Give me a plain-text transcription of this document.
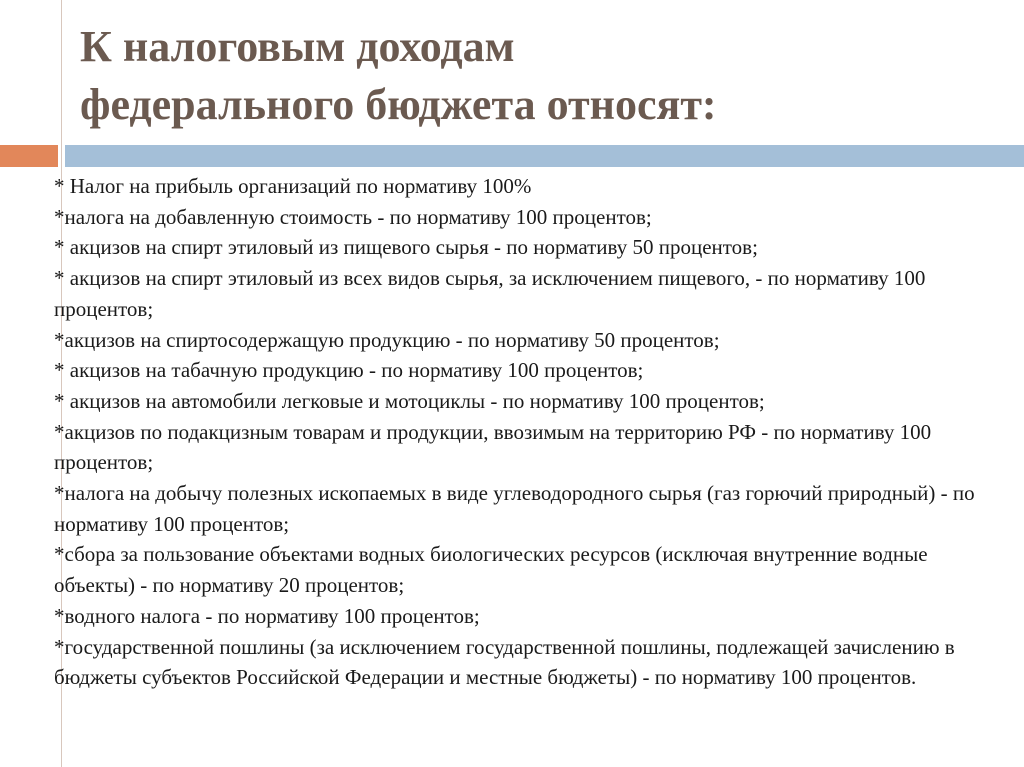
К налоговым доходам
федерального бюджета относят:
* Налог на прибыль организаций по нормативу 100%
*налога на добавленную стоимость - по нормативу 100 процентов;
* акцизов на спирт этиловый из пищевого сырья - по нормативу 50 процентов;
* акцизов на спирт этиловый из всех видов сырья, за исключением пищевого, - по нормативу 100 процентов;
*акцизов на спиртосодержащую продукцию - по нормативу 50 процентов;
* акцизов на табачную продукцию - по нормативу 100 процентов;
* акцизов на автомобили легковые и мотоциклы - по нормативу 100 процентов;
*акцизов по подакцизным товарам и продукции, ввозимым на территорию РФ - по нормативу 100 процентов;
*налога на добычу полезных ископаемых в виде углеводородного сырья (газ горючий природный) - по нормативу 100 процентов;
*сбора за пользование объектами водных биологических ресурсов (исключая внутренние водные объекты) - по нормативу 20 процентов;
*водного налога - по нормативу 100 процентов;
*государственной пошлины (за исключением государственной пошлины, подлежащей зачислению в бюджеты субъектов Российской Федерации и местные бюджеты) - по нормативу 100 процентов.
